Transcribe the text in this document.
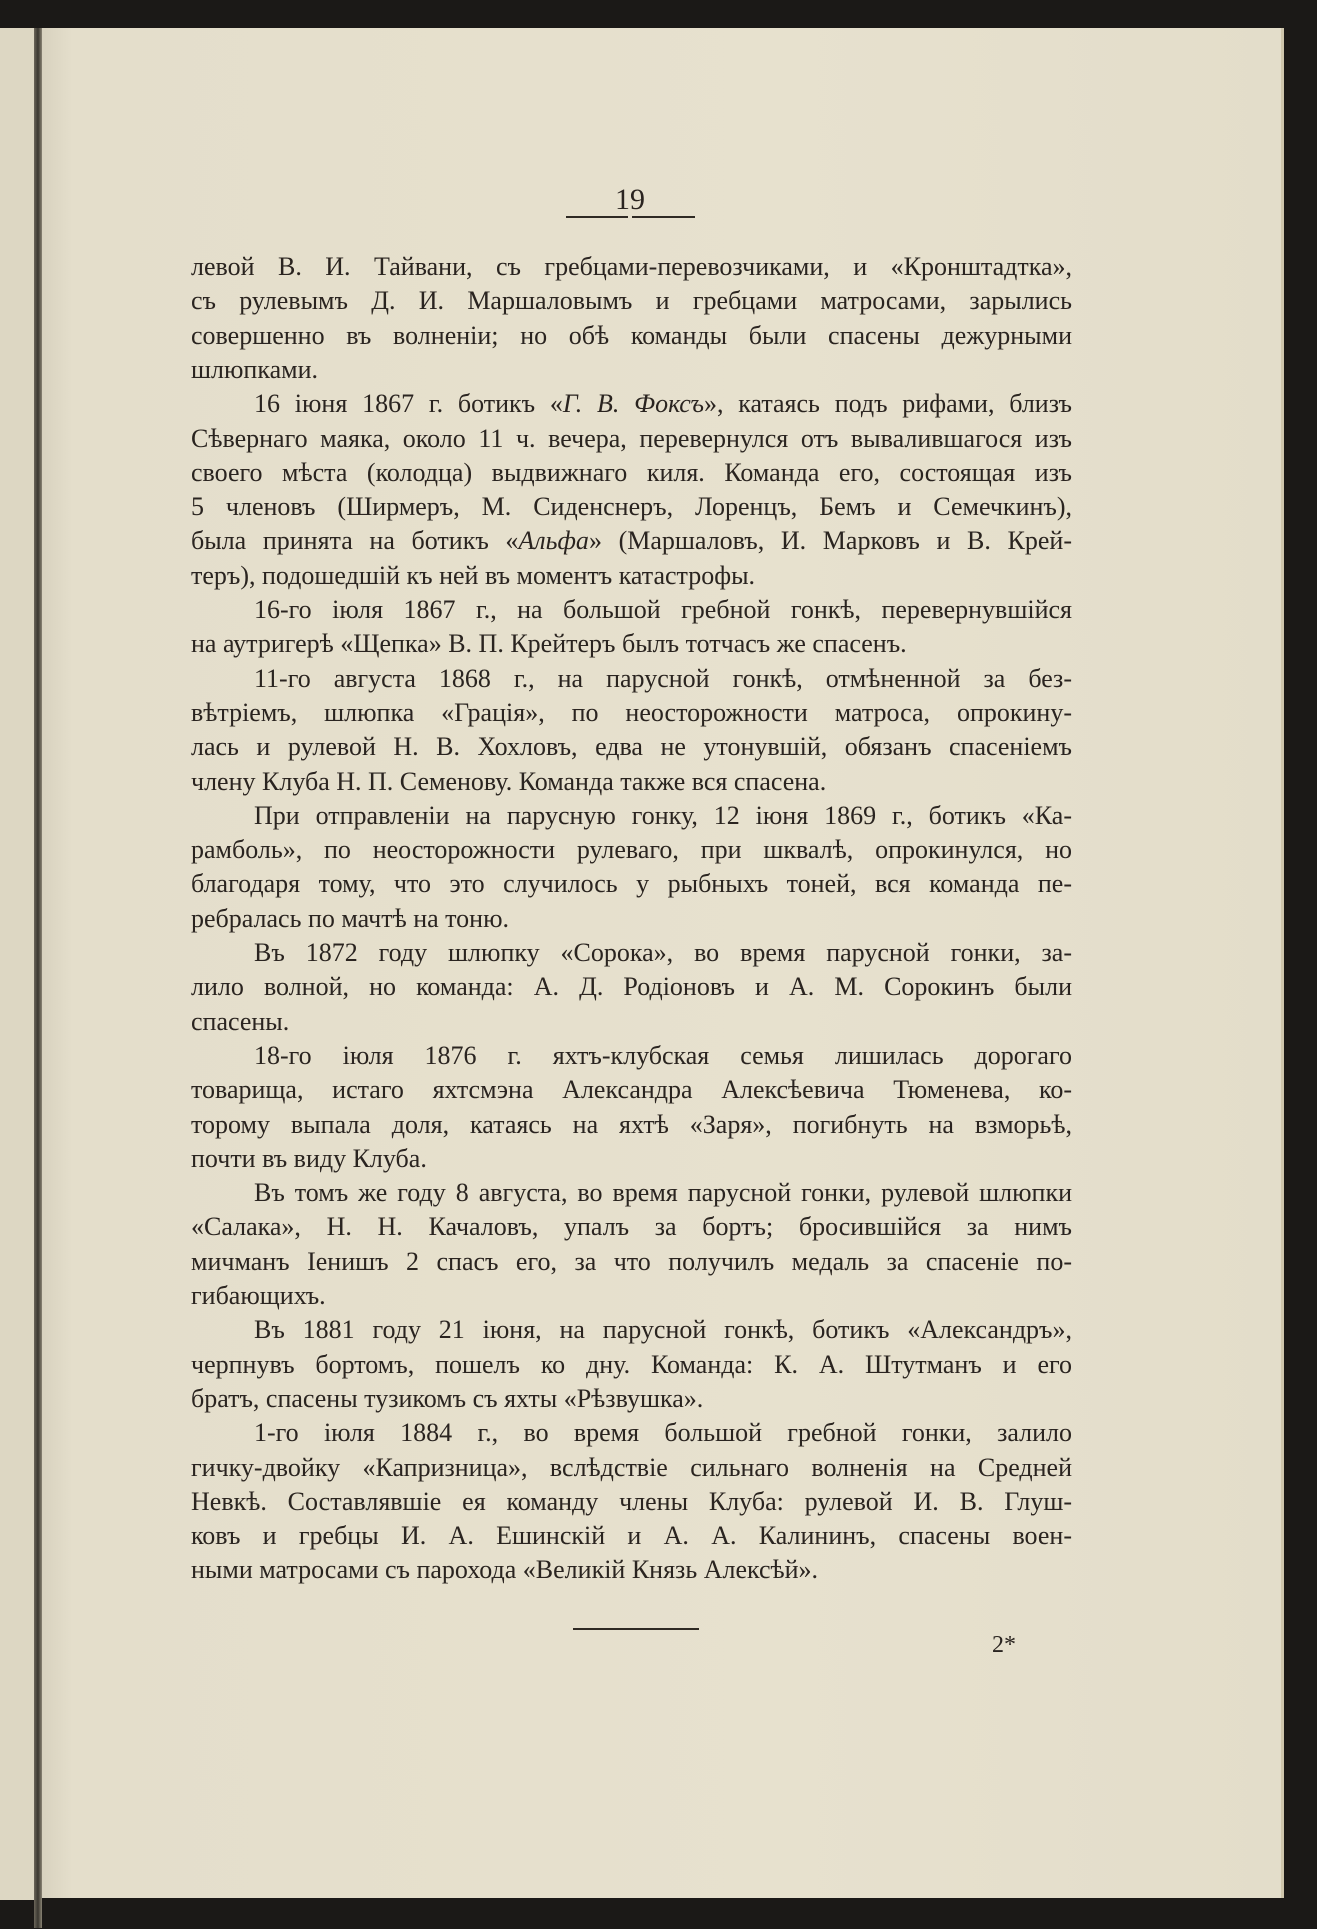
19
левой В. И. Тайвани, съ гребцами-перевозчиками, и «Кронштадтка»,
съ рулевымъ Д. И. Маршаловымъ и гребцами матросами, зарылись
совершенно въ волненіи; но обѣ команды были спасены дежурными
шлюпками.
16 іюня 1867 г. ботикъ «Г. В. Фоксъ», катаясь подъ рифами, близъ
Сѣвернаго маяка, около 11 ч. вечера, перевернулся отъ вывалившагося изъ
своего мѣста (колодца) выдвижнаго киля. Команда его, состоящая изъ
5 членовъ (Ширмеръ, М. Сиденснеръ, Лоренцъ, Бемъ и Семечкинъ),
была принята на ботикъ «Альфа» (Маршаловъ, И. Марковъ и В. Крей-
теръ), подошедшій къ ней въ моментъ катастрофы.
16-го іюля 1867 г., на большой гребной гонкѣ, перевернувшійся
на аутригерѣ «Щепка» В. П. Крейтеръ былъ тотчасъ же спасенъ.
11-го августа 1868 г., на парусной гонкѣ, отмѣненной за без-
вѣтріемъ, шлюпка «Грація», по неосторожности матроса, опрокину-
лась и рулевой Н. В. Хохловъ, едва не утонувшій, обязанъ спасеніемъ
члену Клуба Н. П. Семенову. Команда также вся спасена.
При отправленіи на парусную гонку, 12 іюня 1869 г., ботикъ «Ка-
рамболь», по неосторожности рулеваго, при шквалѣ, опрокинулся, но
благодаря тому, что это случилось у рыбныхъ тоней, вся команда пе-
ребралась по мачтѣ на тоню.
Въ 1872 году шлюпку «Сорока», во время парусной гонки, за-
лило волной, но команда: А. Д. Родіоновъ и А. М. Сорокинъ были
спасены.
18-го іюля 1876 г. яхтъ-клубская семья лишилась дорогаго
товарища, истаго яхтсмэна Александра Алексѣевича Тюменева, ко-
торому выпала доля, катаясь на яхтѣ «Заря», погибнуть на взморьѣ,
почти въ виду Клуба.
Въ томъ же году 8 августа, во время парусной гонки, рулевой шлюпки
«Салака», Н. Н. Качаловъ, упалъ за бортъ; бросившійся за нимъ
мичманъ Іенишъ 2 спасъ его, за что получилъ медаль за спасеніе по-
гибающихъ.
Въ 1881 году 21 іюня, на парусной гонкѣ, ботикъ «Александръ»,
черпнувъ бортомъ, пошелъ ко дну. Команда: К. А. Штутманъ и его
братъ, спасены тузикомъ съ яхты «Рѣзвушка».
1-го іюля 1884 г., во время большой гребной гонки, залило
гичку-двойку «Капризница», вслѣдствіе сильнаго волненія на Средней
Невкѣ. Составлявшіе ея команду члены Клуба: рулевой И. В. Глуш-
ковъ и гребцы И. А. Ешинскій и А. А. Калининъ, спасены воен-
ными матросами съ парохода «Великій Князь Алексѣй».
2*
